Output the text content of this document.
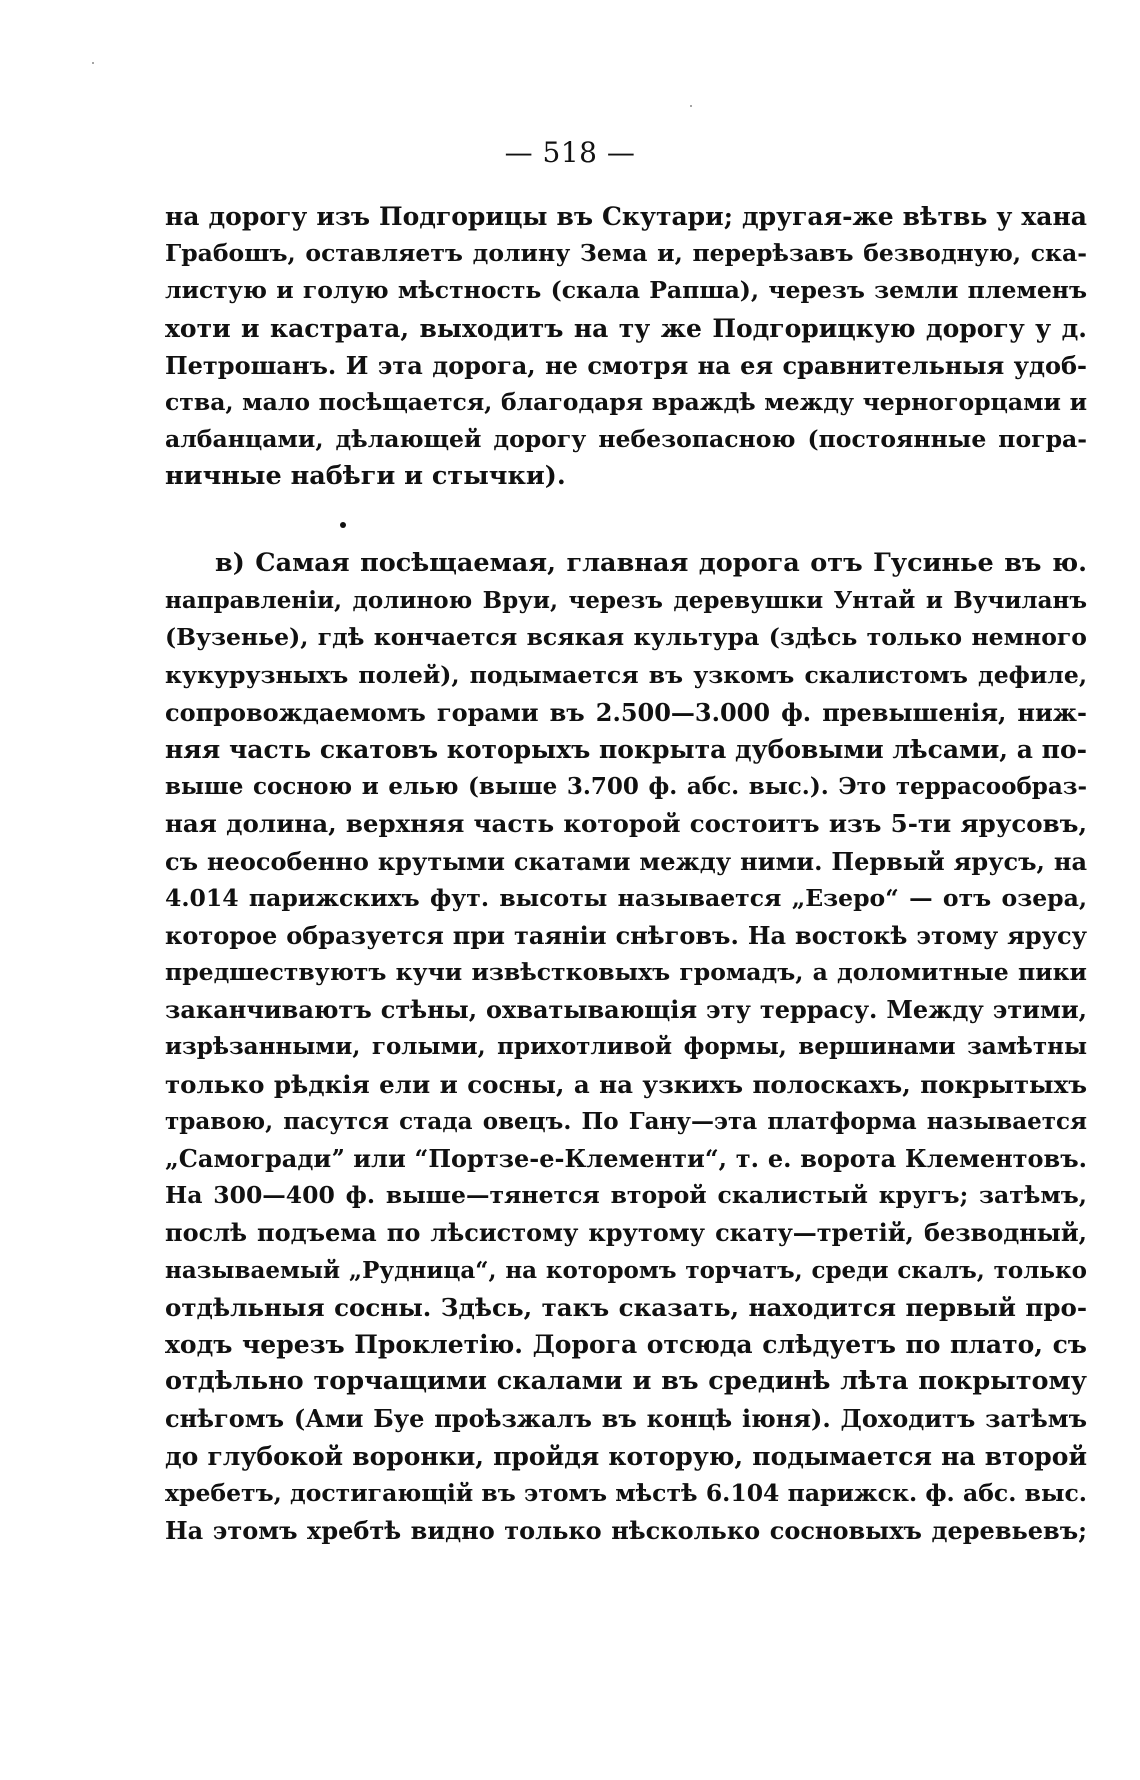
— 518 —
на дорогу изъ Подгорицы въ Скутари; другая-же вѣтвь у хана
Грабошъ, оставляетъ долину Зема и, перерѣзавъ безводную, ска-
листую и голую мѣстность (скала Рапша), черезъ земли племенъ
хоти и кастрата, выходитъ на ту же Подгорицкую дорогу у д.
Петрошанъ. И эта дорога, не смотря на ея сравнительныя удоб-
ства, мало посѣщается, благодаря враждѣ между черногорцами и
албанцами, дѣлающей дорогу небезопасною (постоянные погра-
ничные набѣги и стычки).
в) Самая посѣщаемая, главная дорога отъ Гусинье въ ю.
направленіи, долиною Вруи, черезъ деревушки Унтай и Вучиланъ
(Вузенье), гдѣ кончается всякая культура (здѣсь только немного
кукурузныхъ полей), подымается въ узкомъ скалистомъ дефиле,
сопровождаемомъ горами въ 2.500—3.000 ф. превышенія, ниж-
няя часть скатовъ которыхъ покрыта дубовыми лѣсами, а по-
выше сосною и елью (выше 3.700 ф. абс. выс.). Это террасообраз-
ная долина, верхняя часть которой состоитъ изъ 5-ти ярусовъ,
съ неособенно крутыми скатами между ними. Первый ярусъ, на
4.014 парижскихъ фут. высоты называется „Езеро“ — отъ озера,
которое образуется при таяніи снѣговъ. На востокѣ этому ярусу
предшествуютъ кучи извѣстковыхъ громадъ, а доломитные пики
заканчиваютъ стѣны, охватывающія эту террасу. Между этими,
изрѣзанными, голыми, прихотливой формы, вершинами замѣтны
только рѣдкія ели и сосны, а на узкихъ полоскахъ, покрытыхъ
травою, пасутся стада овецъ. По Гану—эта платформа называется
„Самоградиˮ или “Портзе-е-Клементи“, т. е. ворота Клементовъ.
На 300—400 ф. выше—тянется второй скалистый кругъ; затѣмъ,
послѣ подъема по лѣсистому крутому скату—третій, безводный,
называемый „Рудница“, на которомъ торчатъ, среди скалъ, только
отдѣльныя сосны. Здѣсь, такъ сказать, находится первый про-
ходъ черезъ Проклетію. Дорога отсюда слѣдуетъ по плато, съ
отдѣльно торчащими скалами и въ срединѣ лѣта покрытому
снѣгомъ (Ами Буе проѣзжалъ въ концѣ іюня). Доходитъ затѣмъ
до глубокой воронки, пройдя которую, подымается на второй
хребетъ, достигающій въ этомъ мѣстѣ 6.104 парижск. ф. абс. выс.
На этомъ хребтѣ видно только нѣсколько сосновыхъ деревьевъ;
